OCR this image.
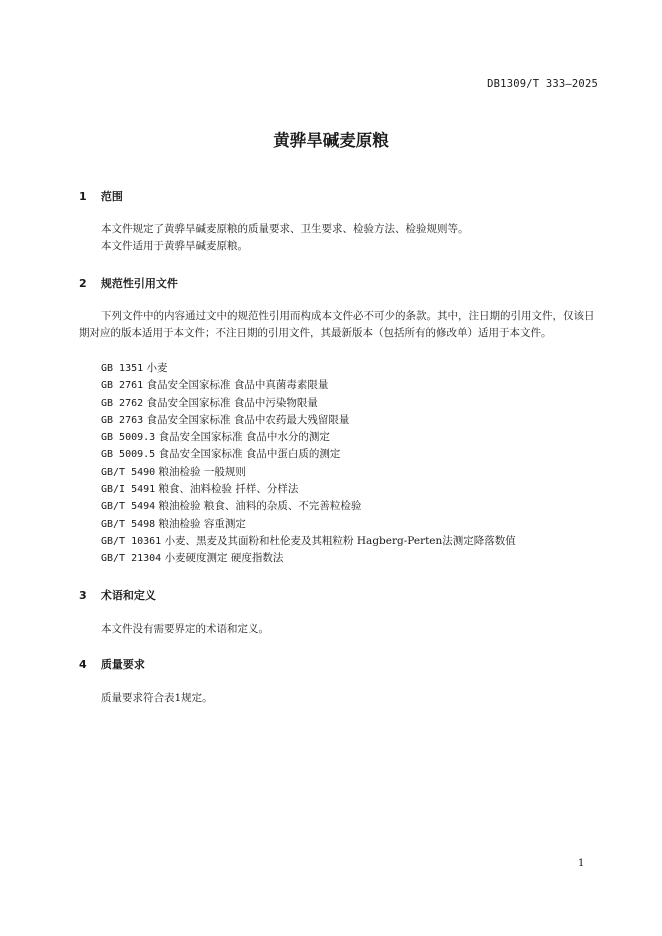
DB1309/T 333—2025
黄骅旱碱麦原粮
1 范围
本文件规定了黄骅旱碱麦原粮的质量要求、卫生要求、检验方法、检验规则等。
本文件适用于黄骅旱碱麦原粮。
2 规范性引用文件
下列文件中的内容通过文中的规范性引用而构成本文件必不可少的条款。其中，注日期的引用文件，仅该日期对应的版本适用于本文件；不注日期的引用文件，其最新版本（包括所有的修改单）适用于本文件。
GB 1351 小麦
GB 2761 食品安全国家标准 食品中真菌毒素限量
GB 2762 食品安全国家标准 食品中污染物限量
GB 2763 食品安全国家标准 食品中农药最大残留限量
GB 5009.3 食品安全国家标准 食品中水分的测定
GB 5009.5 食品安全国家标准 食品中蛋白质的测定
GB/T 5490 粮油检验 一般规则
GB/I 5491 粮食、油料检验 扦样、分样法
GB/T 5494 粮油检验 粮食、油料的杂质、不完善粒检验
GB/T 5498 粮油检验 容重测定
GB/T 10361 小麦、黑麦及其面粉和杜伦麦及其粗粒粉 Hagberg-Perten法测定降落数值
GB/T 21304 小麦硬度测定 硬度指数法
3 术语和定义
本文件没有需要界定的术语和定义。
4 质量要求
质量要求符合表1规定。
1
